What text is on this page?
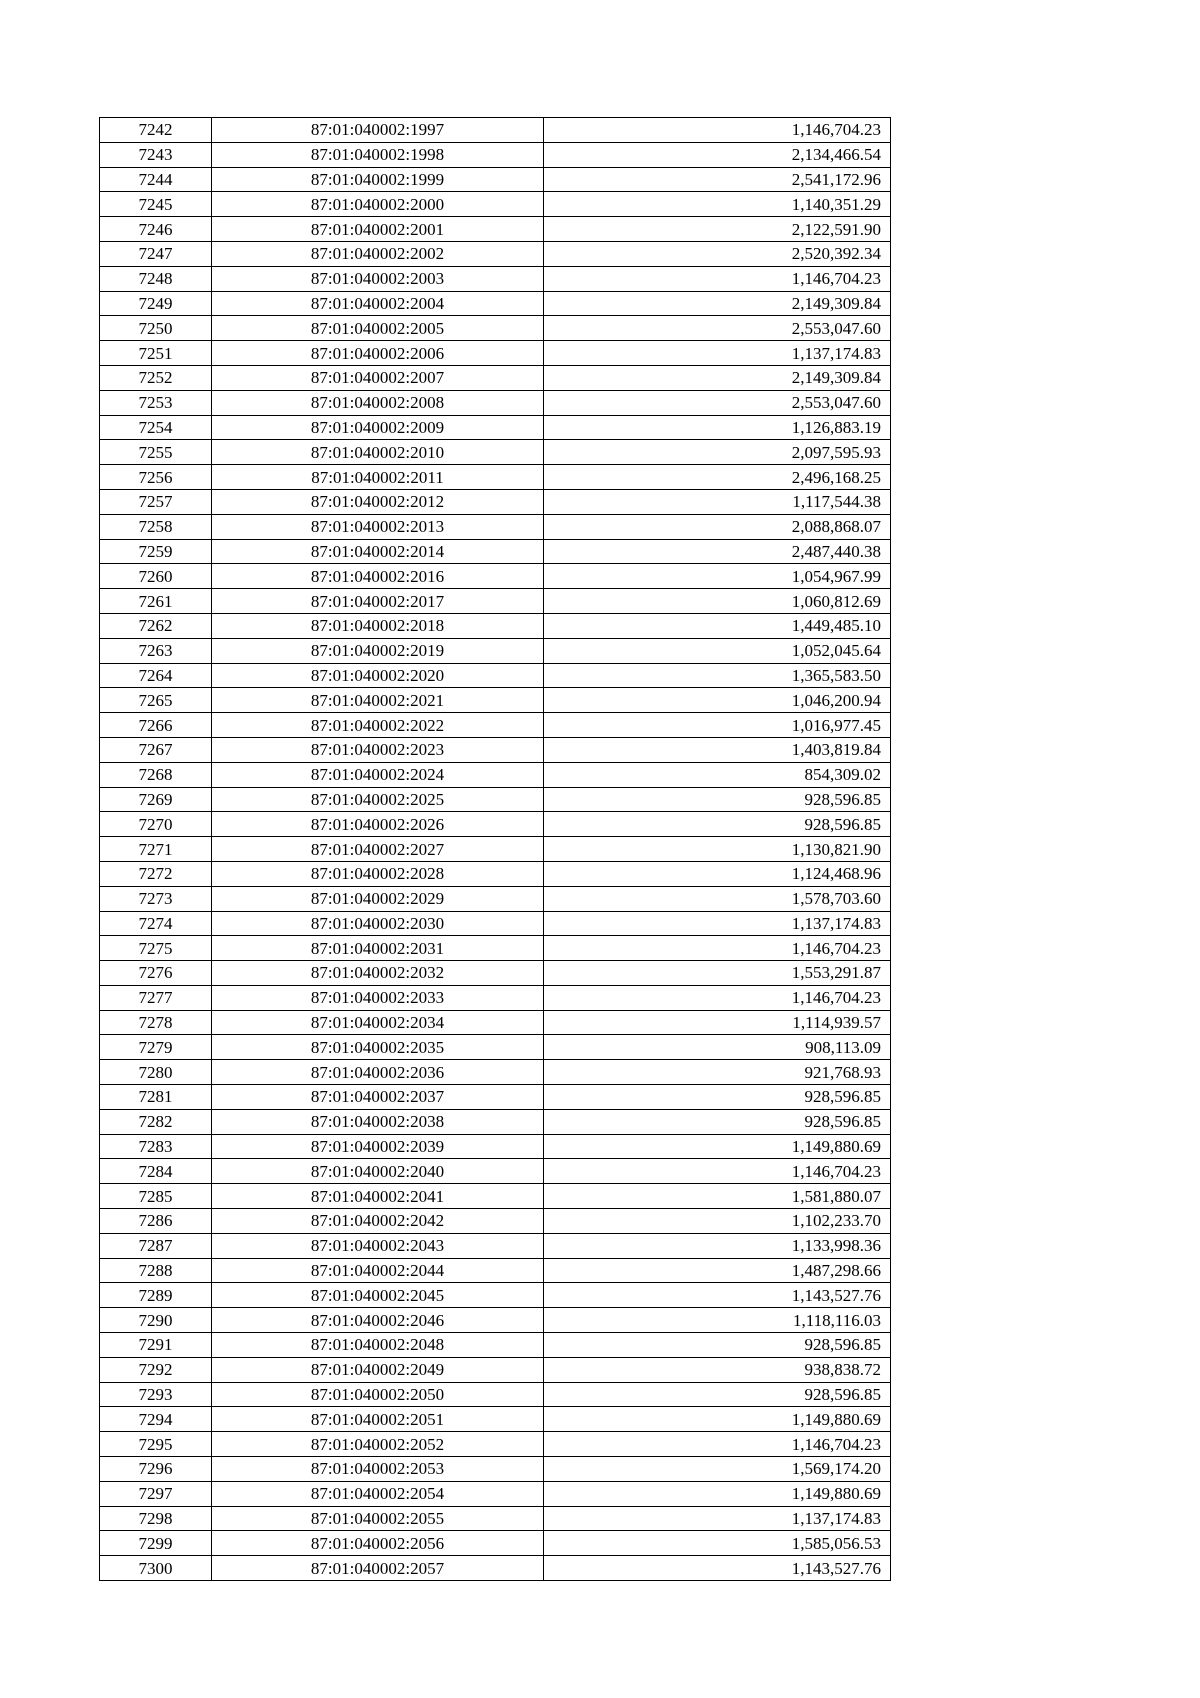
7242	87:01:040002:1997	1,146,704.23
7243	87:01:040002:1998	2,134,466.54
7244	87:01:040002:1999	2,541,172.96
7245	87:01:040002:2000	1,140,351.29
7246	87:01:040002:2001	2,122,591.90
7247	87:01:040002:2002	2,520,392.34
7248	87:01:040002:2003	1,146,704.23
7249	87:01:040002:2004	2,149,309.84
7250	87:01:040002:2005	2,553,047.60
7251	87:01:040002:2006	1,137,174.83
7252	87:01:040002:2007	2,149,309.84
7253	87:01:040002:2008	2,553,047.60
7254	87:01:040002:2009	1,126,883.19
7255	87:01:040002:2010	2,097,595.93
7256	87:01:040002:2011	2,496,168.25
7257	87:01:040002:2012	1,117,544.38
7258	87:01:040002:2013	2,088,868.07
7259	87:01:040002:2014	2,487,440.38
7260	87:01:040002:2016	1,054,967.99
7261	87:01:040002:2017	1,060,812.69
7262	87:01:040002:2018	1,449,485.10
7263	87:01:040002:2019	1,052,045.64
7264	87:01:040002:2020	1,365,583.50
7265	87:01:040002:2021	1,046,200.94
7266	87:01:040002:2022	1,016,977.45
7267	87:01:040002:2023	1,403,819.84
7268	87:01:040002:2024	854,309.02
7269	87:01:040002:2025	928,596.85
7270	87:01:040002:2026	928,596.85
7271	87:01:040002:2027	1,130,821.90
7272	87:01:040002:2028	1,124,468.96
7273	87:01:040002:2029	1,578,703.60
7274	87:01:040002:2030	1,137,174.83
7275	87:01:040002:2031	1,146,704.23
7276	87:01:040002:2032	1,553,291.87
7277	87:01:040002:2033	1,146,704.23
7278	87:01:040002:2034	1,114,939.57
7279	87:01:040002:2035	908,113.09
7280	87:01:040002:2036	921,768.93
7281	87:01:040002:2037	928,596.85
7282	87:01:040002:2038	928,596.85
7283	87:01:040002:2039	1,149,880.69
7284	87:01:040002:2040	1,146,704.23
7285	87:01:040002:2041	1,581,880.07
7286	87:01:040002:2042	1,102,233.70
7287	87:01:040002:2043	1,133,998.36
7288	87:01:040002:2044	1,487,298.66
7289	87:01:040002:2045	1,143,527.76
7290	87:01:040002:2046	1,118,116.03
7291	87:01:040002:2048	928,596.85
7292	87:01:040002:2049	938,838.72
7293	87:01:040002:2050	928,596.85
7294	87:01:040002:2051	1,149,880.69
7295	87:01:040002:2052	1,146,704.23
7296	87:01:040002:2053	1,569,174.20
7297	87:01:040002:2054	1,149,880.69
7298	87:01:040002:2055	1,137,174.83
7299	87:01:040002:2056	1,585,056.53
7300	87:01:040002:2057	1,143,527.76
